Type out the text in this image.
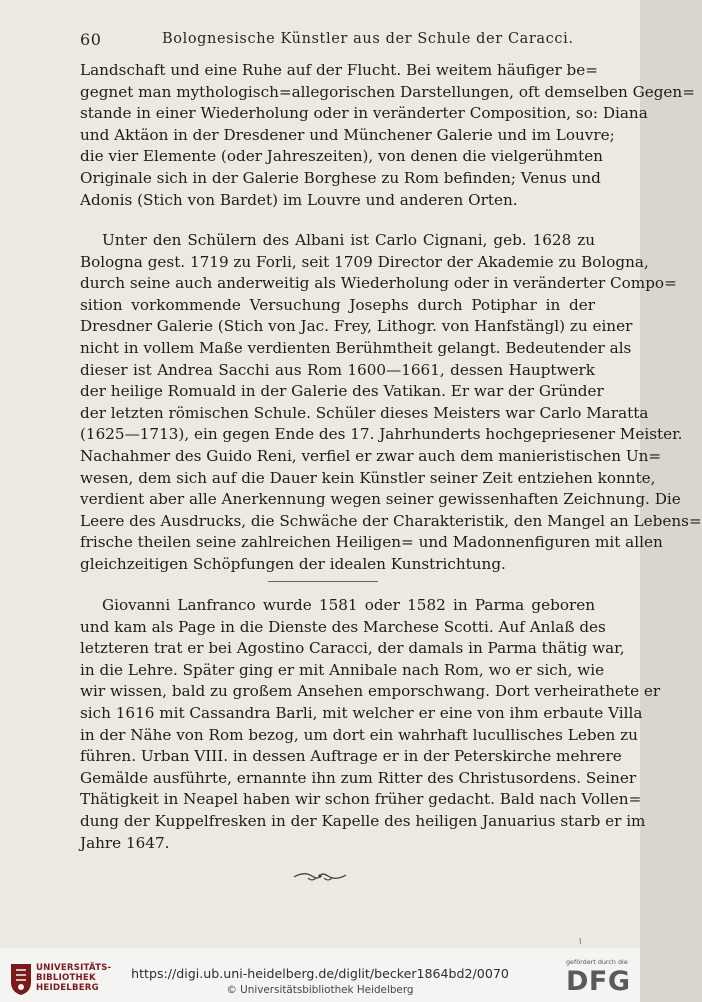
60	Bolognesische Künstler aus der Schule der Caracci.
Landschaft und eine Ruhe auf der Flucht. Bei weitem häufiger be=
gegnet man mythologisch=allegorischen Darstellungen, oft demselben Gegen=
stande in einer Wiederholung oder in veränderter Composition, so: Diana
und Aktäon in der Dresdener und Münchener Galerie und im Louvre;
die vier Elemente (oder Jahreszeiten), von denen die vielgerühmten
Originale sich in der Galerie Borghese zu Rom befinden; Venus und
Adonis (Stich von Bardet) im Louvre und anderen Orten.
Unter den Schülern des Albani ist Carlo Cignani, geb. 1628 zu
Bologna gest. 1719 zu Forli, seit 1709 Director der Akademie zu Bologna,
durch seine auch anderweitig als Wiederholung oder in veränderter Compo=
sition vorkommende Versuchung Josephs durch Potiphar in der
Dresdner Galerie (Stich von Jac. Frey, Lithogr. von Hanfstängl) zu einer
nicht in vollem Maße verdienten Berühmtheit gelangt. Bedeutender als
dieser ist Andrea Sacchi aus Rom 1600—1661, dessen Hauptwerk
der heilige Romuald in der Galerie des Vatikan. Er war der Gründer
der letzten römischen Schule. Schüler dieses Meisters war Carlo Maratta
(1625—1713), ein gegen Ende des 17. Jahrhunderts hochgepriesener Meister.
Nachahmer des Guido Reni, verfiel er zwar auch dem manieristischen Un=
wesen, dem sich auf die Dauer kein Künstler seiner Zeit entziehen konnte,
verdient aber alle Anerkennung wegen seiner gewissenhaften Zeichnung. Die
Leere des Ausdrucks, die Schwäche der Charakteristik, den Mangel an Lebens=
frische theilen seine zahlreichen Heiligen= und Madonnenfiguren mit allen
gleichzeitigen Schöpfungen der idealen Kunstrichtung.
Giovanni Lanfranco wurde 1581 oder 1582 in Parma geboren
und kam als Page in die Dienste des Marchese Scotti. Auf Anlaß des
letzteren trat er bei Agostino Caracci, der damals in Parma thätig war,
in die Lehre. Später ging er mit Annibale nach Rom, wo er sich, wie
wir wissen, bald zu großem Ansehen emporschwang. Dort verheirathete er
sich 1616 mit Cassandra Barli, mit welcher er eine von ihm erbaute Villa
in der Nähe von Rom bezog, um dort ein wahrhaft lucullisches Leben zu
führen. Urban VIII. in dessen Auftrage er in der Peterskirche mehrere
Gemälde ausführte, ernannte ihn zum Ritter des Christusordens. Seiner
Thätigkeit in Neapel haben wir schon früher gedacht. Bald nach Vollen=
dung der Kuppelfresken in der Kapelle des heiligen Januarius starb er im
Jahre 1647.
UNIVERSITÄTS-
BIBLIOTHEK
HEIDELBERG
https://digi.ub.uni-heidelberg.de/diglit/becker1864bd2/0070
© Universitätsbibliothek Heidelberg
gefördert durch die
DFG
